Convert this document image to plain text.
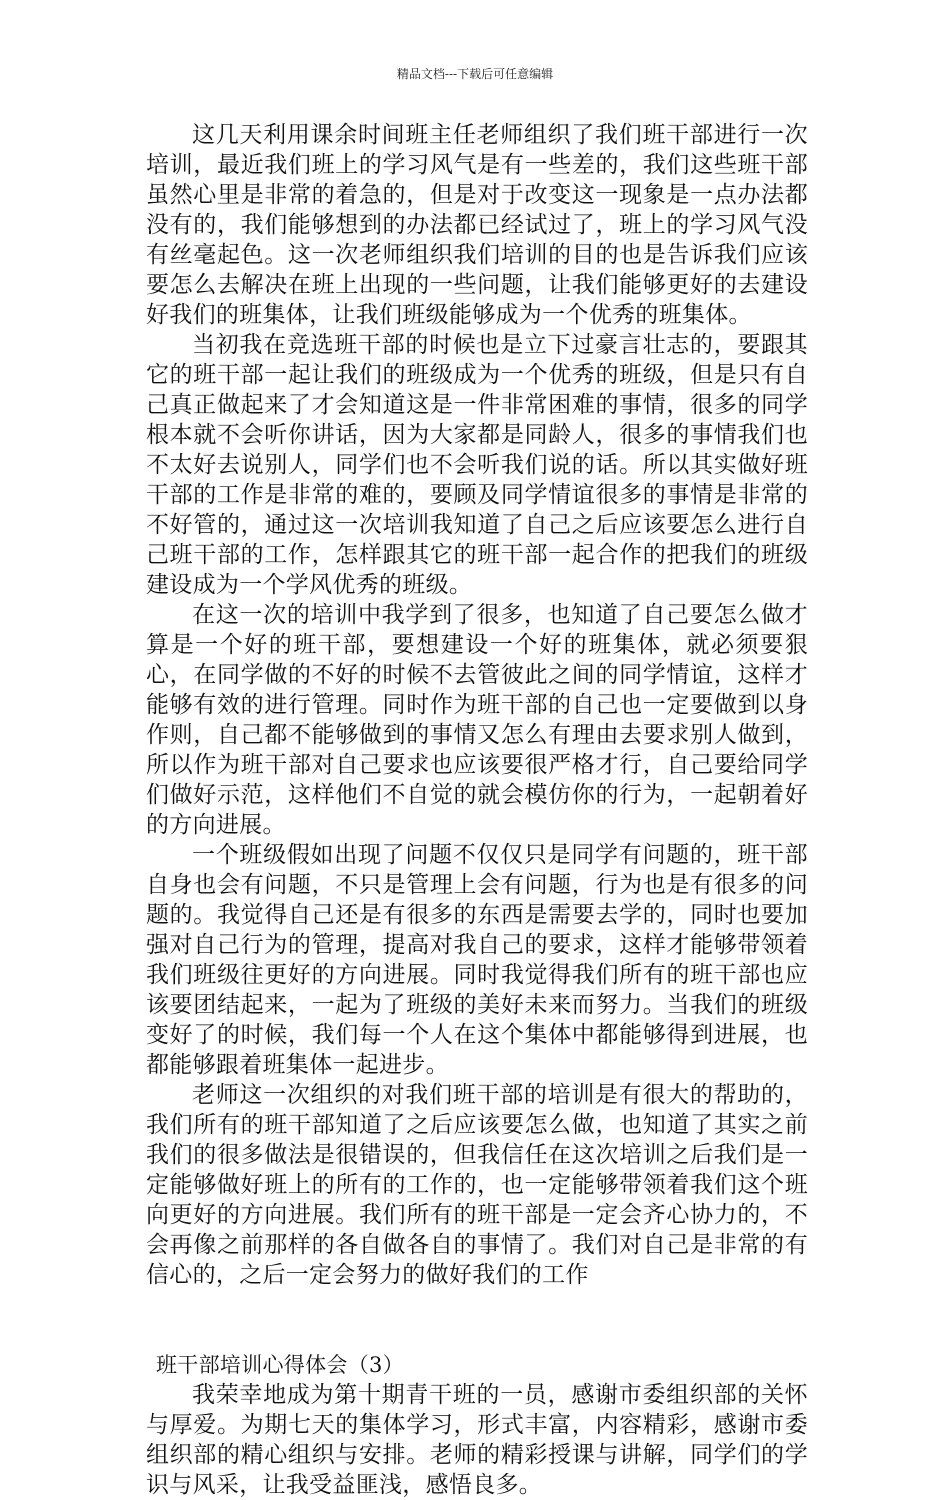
精品文档---下载后可任意编辑

这几天利用课余时间班主任老师组织了我们班干部进行一次培训，最近我们班上的学习风气是有一些差的，我们这些班干部虽然心里是非常的着急的，但是对于改变这一现象是一点办法都没有的，我们能够想到的办法都已经试过了，班上的学习风气没有丝毫起色。这一次老师组织我们培训的目的也是告诉我们应该要怎么去解决在班上出现的一些问题，让我们能够更好的去建设好我们的班集体，让我们班级能够成为一个优秀的班集体。

当初我在竞选班干部的时候也是立下过豪言壮志的，要跟其它的班干部一起让我们的班级成为一个优秀的班级，但是只有自己真正做起来了才会知道这是一件非常困难的事情，很多的同学根本就不会听你讲话，因为大家都是同龄人，很多的事情我们也不太好去说别人，同学们也不会听我们说的话。所以其实做好班干部的工作是非常的难的，要顾及同学情谊很多的事情是非常的不好管的，通过这一次培训我知道了自己之后应该要怎么进行自己班干部的工作，怎样跟其它的班干部一起合作的把我们的班级建设成为一个学风优秀的班级。

在这一次的培训中我学到了很多，也知道了自己要怎么做才算是一个好的班干部，要想建设一个好的班集体，就必须要狠心，在同学做的不好的时候不去管彼此之间的同学情谊，这样才能够有效的进行管理。同时作为班干部的自己也一定要做到以身作则，自己都不能够做到的事情又怎么有理由去要求别人做到，所以作为班干部对自己要求也应该要很严格才行，自己要给同学们做好示范，这样他们不自觉的就会模仿你的行为，一起朝着好的方向进展。

一个班级假如出现了问题不仅仅只是同学有问题的，班干部自身也会有问题，不只是管理上会有问题，行为也是有很多的问题的。我觉得自己还是有很多的东西是需要去学的，同时也要加强对自己行为的管理，提高对我自己的要求，这样才能够带领着我们班级往更好的方向进展。同时我觉得我们所有的班干部也应该要团结起来，一起为了班级的美好未来而努力。当我们的班级变好了的时候，我们每一个人在这个集体中都能够得到进展，也都能够跟着班集体一起进步。

老师这一次组织的对我们班干部的培训是有很大的帮助的，我们所有的班干部知道了之后应该要怎么做，也知道了其实之前我们的很多做法是很错误的，但我信任在这次培训之后我们是一定能够做好班上的所有的工作的，也一定能够带领着我们这个班向更好的方向进展。我们所有的班干部是一定会齐心协力的，不会再像之前那样的各自做各自的事情了。我们对自己是非常的有信心的，之后一定会努力的做好我们的工作

班干部培训心得体会（3）

我荣幸地成为第十期青干班的一员，感谢市委组织部的关怀与厚爱。为期七天的集体学习，形式丰富，内容精彩，感谢市委组织部的精心组织与安排。老师的精彩授课与讲解，同学们的学识与风采，让我受益匪浅，感悟良多。
